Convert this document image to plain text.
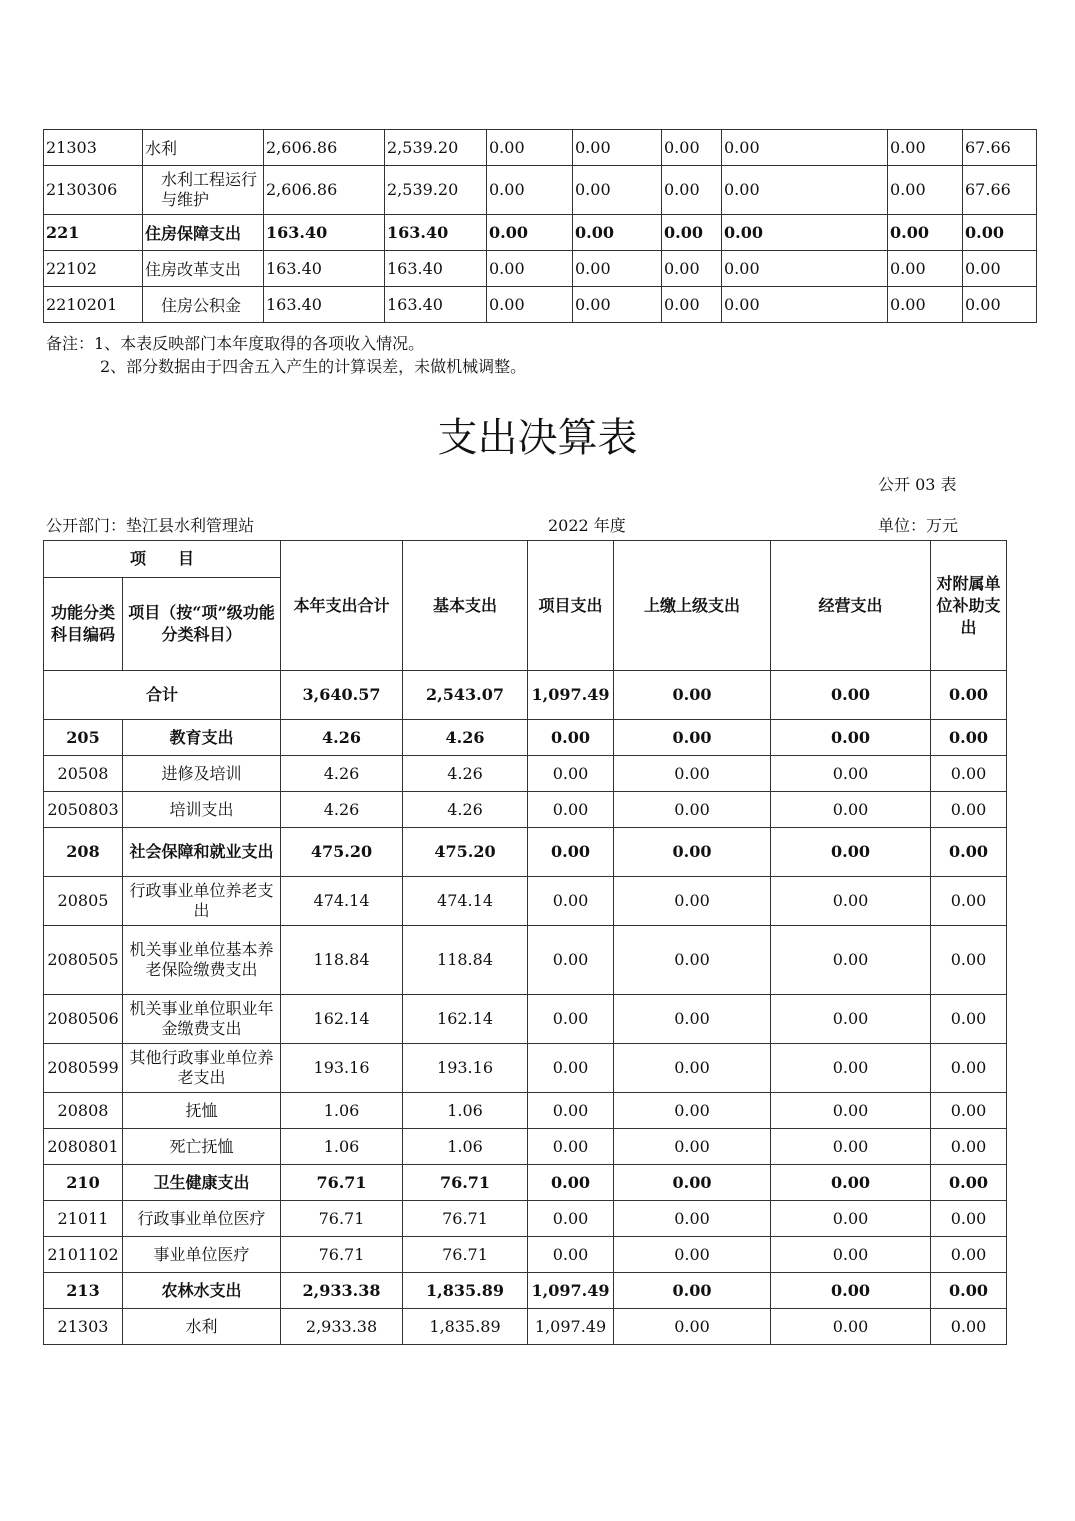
21303	水利	2,606.86	2,539.20	0.00	0.00	0.00	0.00	0.00	67.66
2130306	水利工程运行与维护	2,606.86	2,539.20	0.00	0.00	0.00	0.00	0.00	67.66
221	住房保障支出	163.40	163.40	0.00	0.00	0.00	0.00	0.00	0.00
22102	住房改革支出	163.40	163.40	0.00	0.00	0.00	0.00	0.00	0.00
2210201	住房公积金	163.40	163.40	0.00	0.00	0.00	0.00	0.00	0.00
备注：1、本表反映部门本年度取得的各项收入情况。
2、部分数据由于四舍五入产生的计算误差，未做机械调整。
支出决算表
公开 03 表
公开部门：垫江县水利管理站	2022 年度	单位：万元
项　　目		本年支出合计	基本支出	项目支出	上缴上级支出	经营支出	对附属单位补助支出
功能分类科目编码	项目（按“项”级功能分类科目）						
合计		3,640.57	2,543.07	1,097.49	0.00	0.00	0.00
205	教育支出	4.26	4.26	0.00	0.00	0.00	0.00
20508	进修及培训	4.26	4.26	0.00	0.00	0.00	0.00
2050803	培训支出	4.26	4.26	0.00	0.00	0.00	0.00
208	社会保障和就业支出	475.20	475.20	0.00	0.00	0.00	0.00
20805	行政事业单位养老支出	474.14	474.14	0.00	0.00	0.00	0.00
2080505	机关事业单位基本养老保险缴费支出	118.84	118.84	0.00	0.00	0.00	0.00
2080506	机关事业单位职业年金缴费支出	162.14	162.14	0.00	0.00	0.00	0.00
2080599	其他行政事业单位养老支出	193.16	193.16	0.00	0.00	0.00	0.00
20808	抚恤	1.06	1.06	0.00	0.00	0.00	0.00
2080801	死亡抚恤	1.06	1.06	0.00	0.00	0.00	0.00
210	卫生健康支出	76.71	76.71	0.00	0.00	0.00	0.00
21011	行政事业单位医疗	76.71	76.71	0.00	0.00	0.00	0.00
2101102	事业单位医疗	76.71	76.71	0.00	0.00	0.00	0.00
213	农林水支出	2,933.38	1,835.89	1,097.49	0.00	0.00	0.00
21303	水利	2,933.38	1,835.89	1,097.49	0.00	0.00	0.00
